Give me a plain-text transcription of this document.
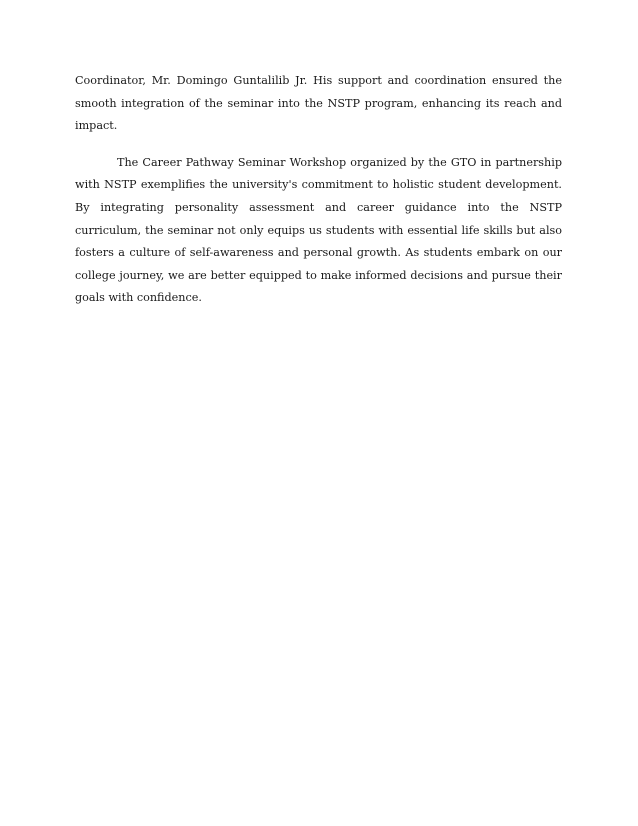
Coordinator, Mr. Domingo Guntalilib Jr. His support and coordination ensured the smooth integration of the seminar into the NSTP program, enhancing its reach and impact.

The Career Pathway Seminar Workshop organized by the GTO in partnership with NSTP exemplifies the university's commitment to holistic student development. By integrating personality assessment and career guidance into the NSTP curriculum, the seminar not only equips us students with essential life skills but also fosters a culture of self-awareness and personal growth. As students embark on our college journey, we are better equipped to make informed decisions and pursue their goals with confidence.
